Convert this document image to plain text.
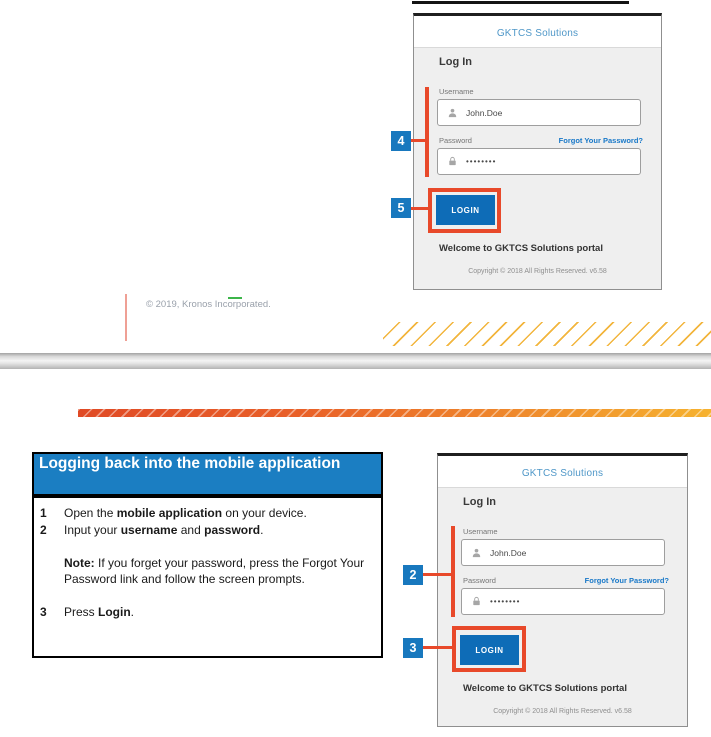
GKTCS Solutions
Log In
Username
John.Doe
Password	Forgot Your Password?
••••••••
LOGIN
Welcome to GKTCS Solutions portal
Copyright © 2018 All Rights Reserved. v6.58
4
5
© 2019, Kronos Incorporated.
Logging back into the mobile application
1	Open the mobile application on your device.
2	Input your username and password.
Note: If you forget your password, press the Forgot Your Password link and follow the screen prompts.
3	Press Login.
GKTCS Solutions
Log In
Username
John.Doe
Password	Forgot Your Password?
••••••••
LOGIN
Welcome to GKTCS Solutions portal
Copyright © 2018 All Rights Reserved. v6.58
2
3
